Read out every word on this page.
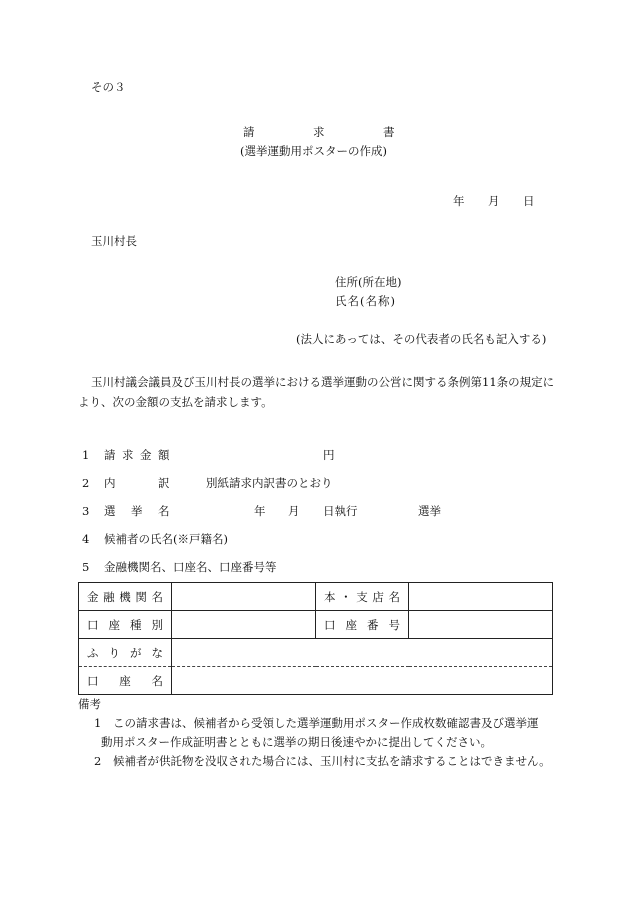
その３
請	求	書
(選挙運動用ポスターの作成)
年 月 日
玉川村長
住所(所在地)
氏名(名称)
(法人にあっては、その代表者の氏名も記入する)
玉川村議会議員及び玉川村長の選挙における選挙運動の公営に関する条例第11条の規定に
より、次の金額の支払を請求します。
1 請 求 金 額	円
2 内	訳	別紙請求内訳書のとおり
3 選 挙 名	年 月 日執行	選挙
4 候補者の氏名(※戸籍名)
5 金融機関名、口座名、口座番号等
金 融 機 関 名		本 ・ 支 店 名	

口 座 種 別		口 座 番 号	

ふ り が な			

口 座 名			

備考
1 この請求書は、候補者から受領した選挙運動用ポスター作成枚数確認書及び選挙運
動用ポスター作成証明書とともに選挙の期日後速やかに提出してください。
2 候補者が供託物を没収された場合には、玉川村に支払を請求することはできません。
